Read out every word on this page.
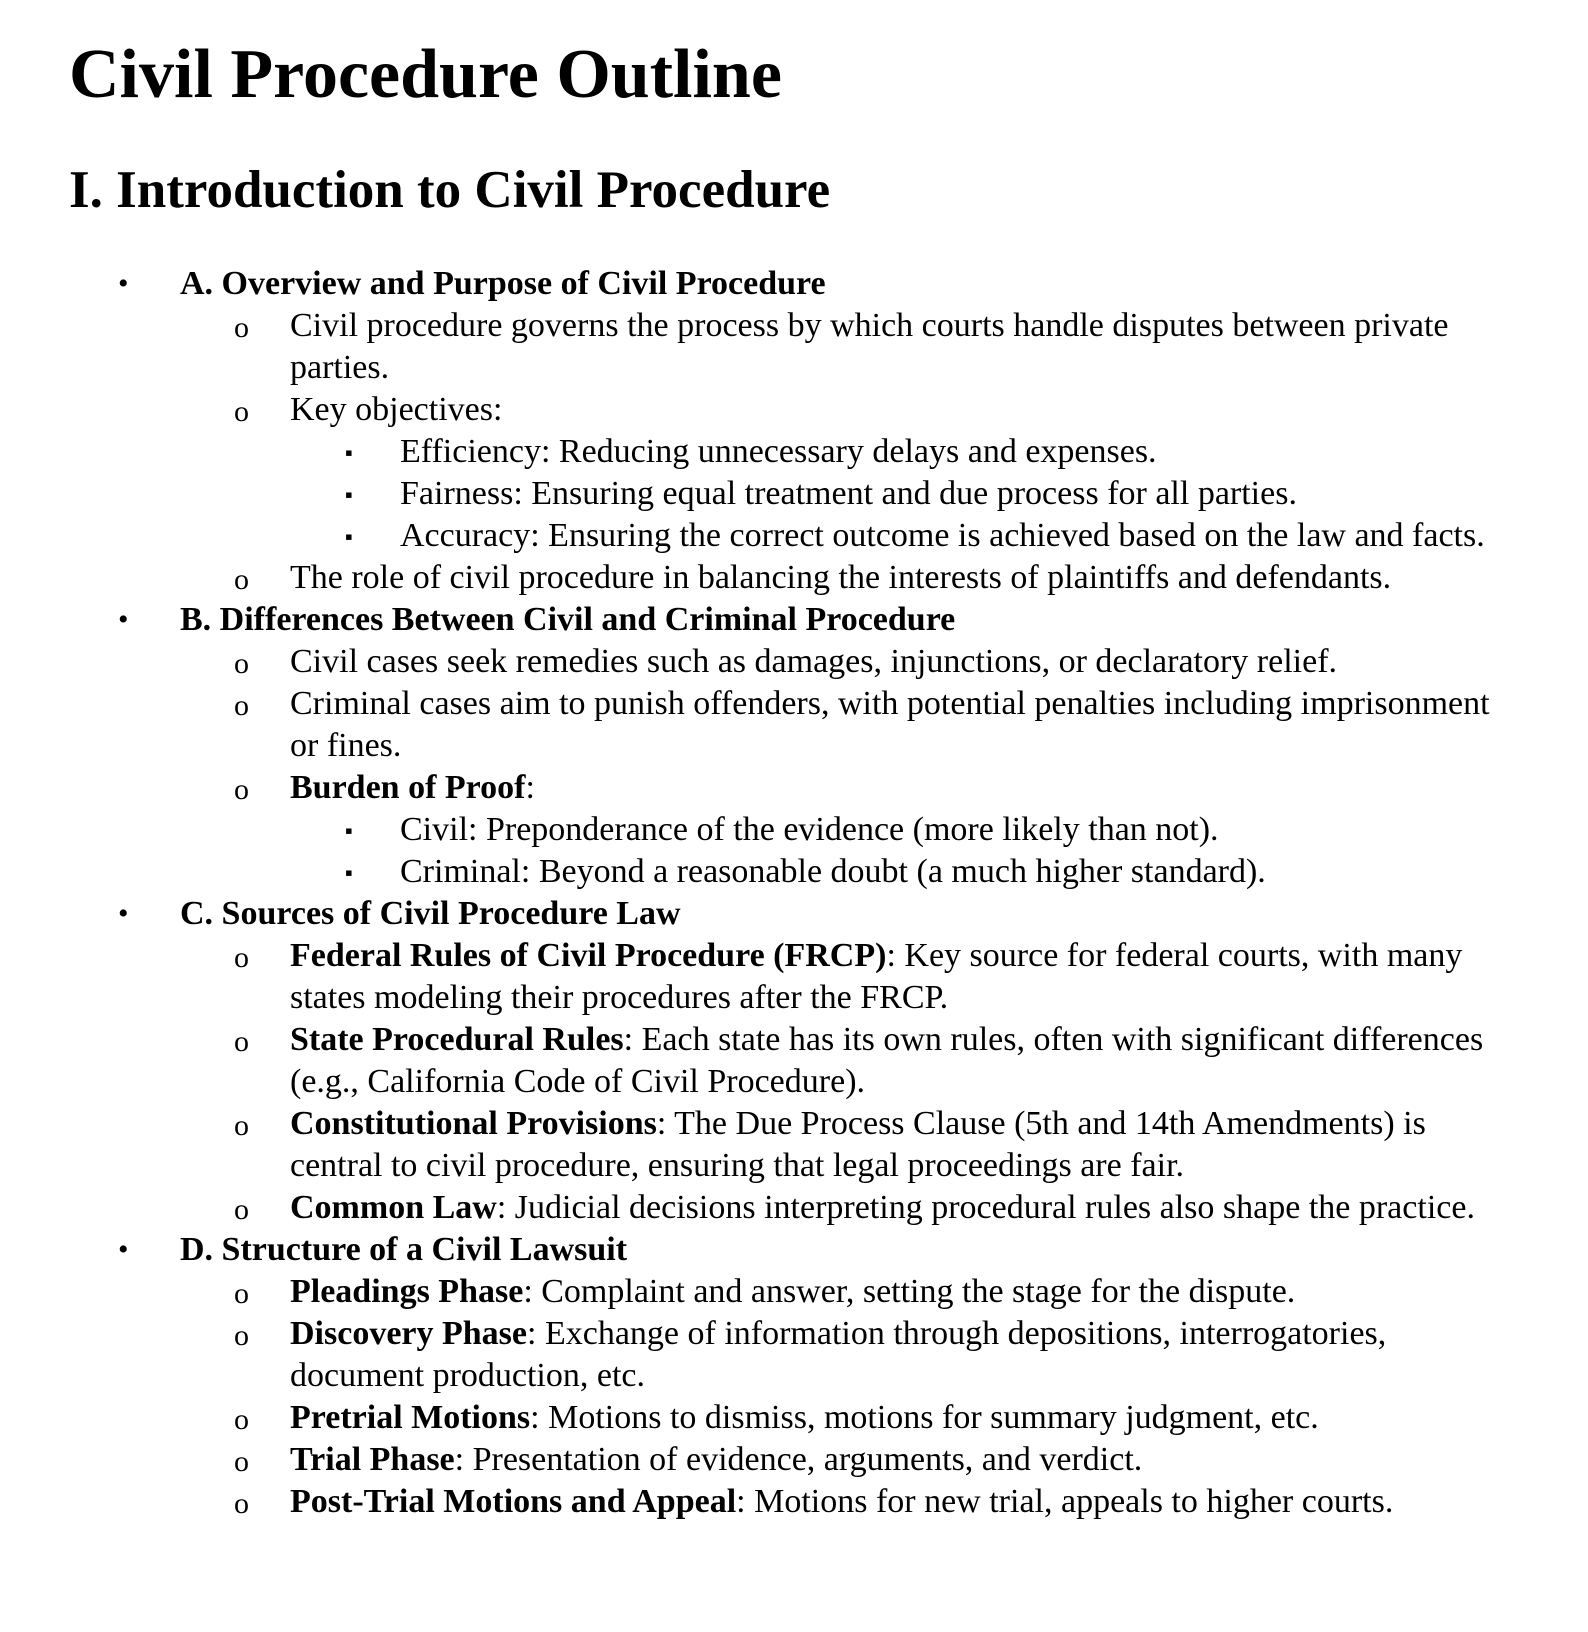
Civil Procedure Outline
I. Introduction to Civil Procedure
• A. Overview and Purpose of Civil Procedure
o Civil procedure governs the process by which courts handle disputes between private parties.
o Key objectives:
▪ Efficiency: Reducing unnecessary delays and expenses.
▪ Fairness: Ensuring equal treatment and due process for all parties.
▪ Accuracy: Ensuring the correct outcome is achieved based on the law and facts.
o The role of civil procedure in balancing the interests of plaintiffs and defendants.
• B. Differences Between Civil and Criminal Procedure
o Civil cases seek remedies such as damages, injunctions, or declaratory relief.
o Criminal cases aim to punish offenders, with potential penalties including imprisonment or fines.
o Burden of Proof:
▪ Civil: Preponderance of the evidence (more likely than not).
▪ Criminal: Beyond a reasonable doubt (a much higher standard).
• C. Sources of Civil Procedure Law
o Federal Rules of Civil Procedure (FRCP): Key source for federal courts, with many states modeling their procedures after the FRCP.
o State Procedural Rules: Each state has its own rules, often with significant differences (e.g., California Code of Civil Procedure).
o Constitutional Provisions: The Due Process Clause (5th and 14th Amendments) is central to civil procedure, ensuring that legal proceedings are fair.
o Common Law: Judicial decisions interpreting procedural rules also shape the practice.
• D. Structure of a Civil Lawsuit
o Pleadings Phase: Complaint and answer, setting the stage for the dispute.
o Discovery Phase: Exchange of information through depositions, interrogatories, document production, etc.
o Pretrial Motions: Motions to dismiss, motions for summary judgment, etc.
o Trial Phase: Presentation of evidence, arguments, and verdict.
o Post-Trial Motions and Appeal: Motions for new trial, appeals to higher courts.
